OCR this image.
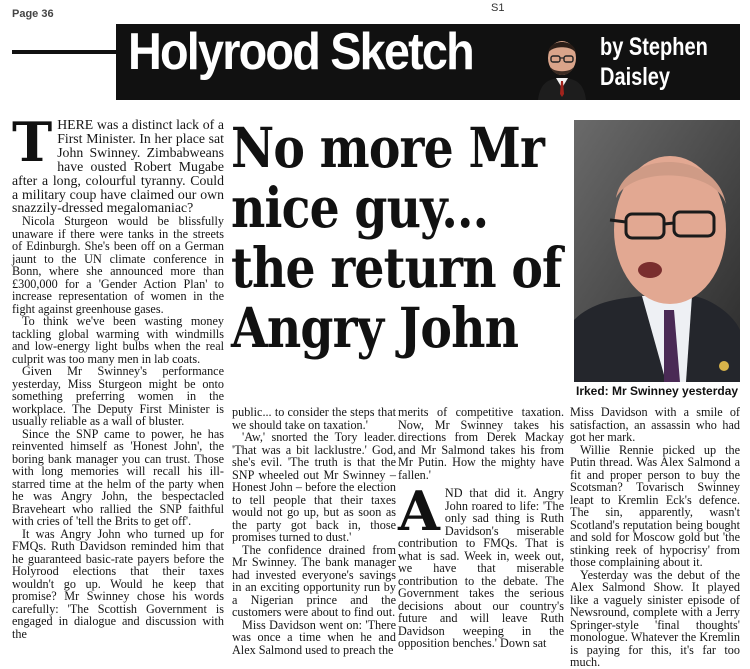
Page 36	S1
Holyrood Sketch	by Stephen
Daisley
No more Mr
nice guy...
the return of
Angry John
Irked: Mr Swinney yesterday

THERE was a distinct lack of a First Minister. In her place sat John Swinney. Zimbabweans have ousted Robert Mugabe after a long, colourful tyranny. Could a military coup have claimed our own snazzily-dressed megalomaniac?

Nicola Sturgeon would be blissfully unaware if there were tanks in the streets of Edinburgh. She's been off on a German jaunt to the UN climate conference in Bonn, where she announced more than £300,000 for a 'Gender Action Plan' to increase representation of women in the fight against greenhouse gases.

To think we've been wasting money tackling global warming with windmills and low-energy light bulbs when the real culprit was too many men in lab coats.

Given Mr Swinney's performance yesterday, Miss Sturgeon might be onto something preferring women in the workplace. The Deputy First Minister is usually reliable as a wall of bluster.

Since the SNP came to power, he has reinvented himself as 'Honest John', the boring bank manager you can trust. Those with long memories will recall his ill-starred time at the helm of the party when he was Angry John, the bespectacled Braveheart who rallied the SNP faithful with cries of 'tell the Brits to get off'.

It was Angry John who turned up for FMQs. Ruth Davidson reminded him that he guaranteed basic-rate payers before the Holyrood elections that their taxes wouldn't go up. Would he keep that promise? Mr Swinney chose his words carefully: 'The Scottish Government is engaged in dialogue and discussion with the

public... to consider the steps that we should take on taxation.'

'Aw,' snorted the Tory leader. 'That was a bit lacklustre.' God, she's evil. 'The truth is that the SNP wheeled out Mr Swinney – Honest John – before the election to tell people that their taxes would not go up, but as soon as the party got back in, those promises turned to dust.'

The confidence drained from Mr Swinney. The bank manager had invested everyone's savings in an exciting opportunity run by a Nigerian prince and the customers were about to find out.

Miss Davidson went on: 'There was once a time when he and Alex Salmond used to preach the

merits of competitive taxation. Now, Mr Swinney takes his directions from Derek Mackay and Mr Salmond takes his from Mr Putin. How the mighty have fallen.'

AND that did it. Angry John roared to life: 'The only sad thing is Ruth Davidson's miserable contribution to FMQs. That is what is sad. Week in, week out, we have that miserable contribution to the debate. The Government takes the serious decisions about our country's future and will leave Ruth Davidson weeping in the opposition benches.' Down sat

Miss Davidson with a smile of satisfaction, an assassin who had got her mark.

Willie Rennie picked up the Putin thread. Was Alex Salmond a fit and proper person to buy the Scotsman? Tovarisch Swinney leapt to Kremlin Eck's defence. The sin, apparently, wasn't Scotland's reputation being bought and sold for Moscow gold but 'the stinking reek of hypocrisy' from those complaining about it.

Yesterday was the debut of the Alex Salmond Show. It played like a vaguely sinister episode of Newsround, complete with a Jerry Springer-style 'final thoughts' monologue. Whatever the Kremlin is paying for this, it's far too much.
